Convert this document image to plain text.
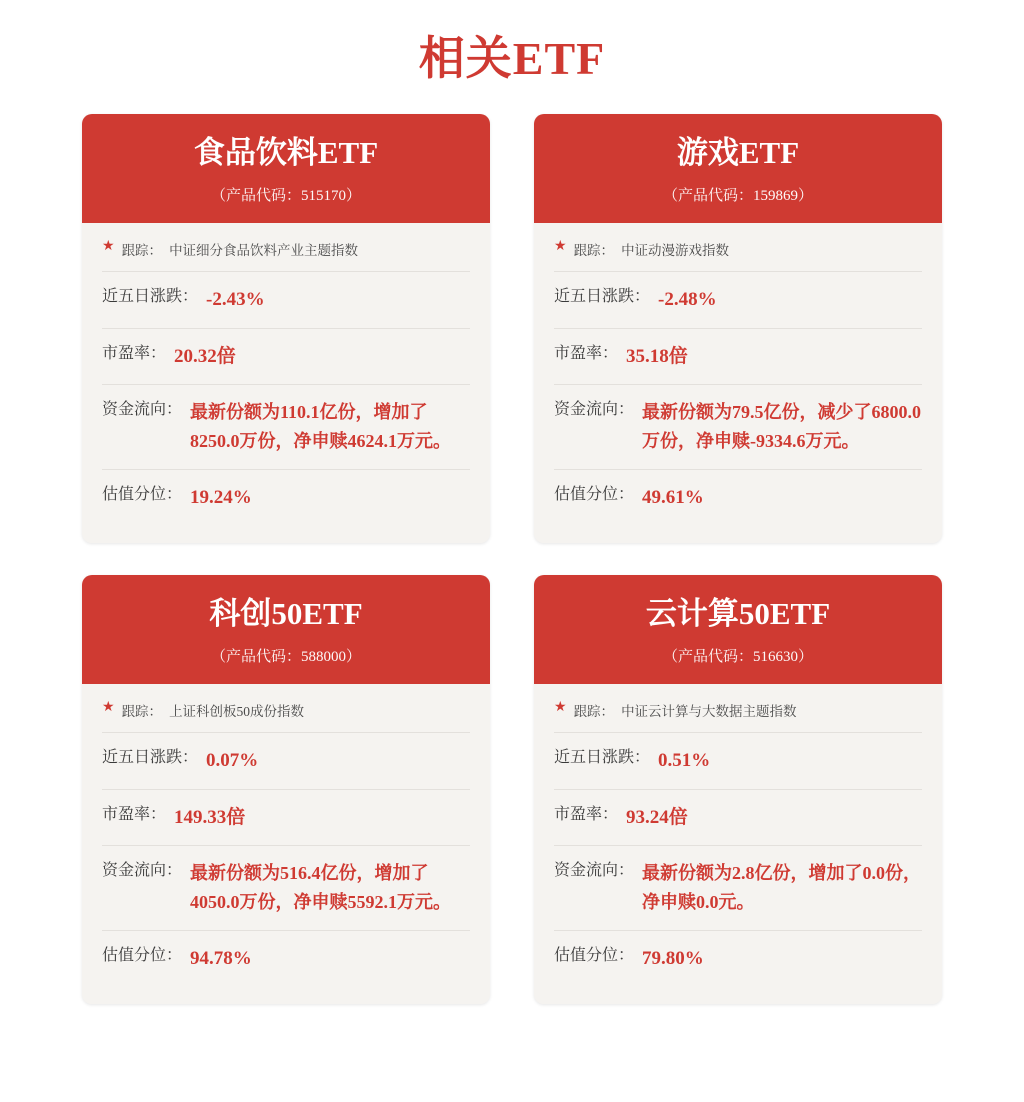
相关ETF
食品饮料ETF
（产品代码：515170）
★ 跟踪： 中证细分食品饮料产业主题指数
近五日涨跌： -2.43%
市盈率： 20.32倍
资金流向： 最新份额为110.1亿份，增加了8250.0万份，净申赎4624.1万元。
估值分位： 19.24%
游戏ETF
（产品代码：159869）
★ 跟踪： 中证动漫游戏指数
近五日涨跌： -2.48%
市盈率： 35.18倍
资金流向： 最新份额为79.5亿份，减少了6800.0万份，净申赎-9334.6万元。
估值分位： 49.61%
科创50ETF
（产品代码：588000）
★ 跟踪： 上证科创板50成份指数
近五日涨跌： 0.07%
市盈率： 149.33倍
资金流向： 最新份额为516.4亿份，增加了4050.0万份，净申赎5592.1万元。
估值分位： 94.78%
云计算50ETF
（产品代码：516630）
★ 跟踪： 中证云计算与大数据主题指数
近五日涨跌： 0.51%
市盈率： 93.24倍
资金流向： 最新份额为2.8亿份，增加了0.0份，净申赎0.0元。
估值分位： 79.80%
